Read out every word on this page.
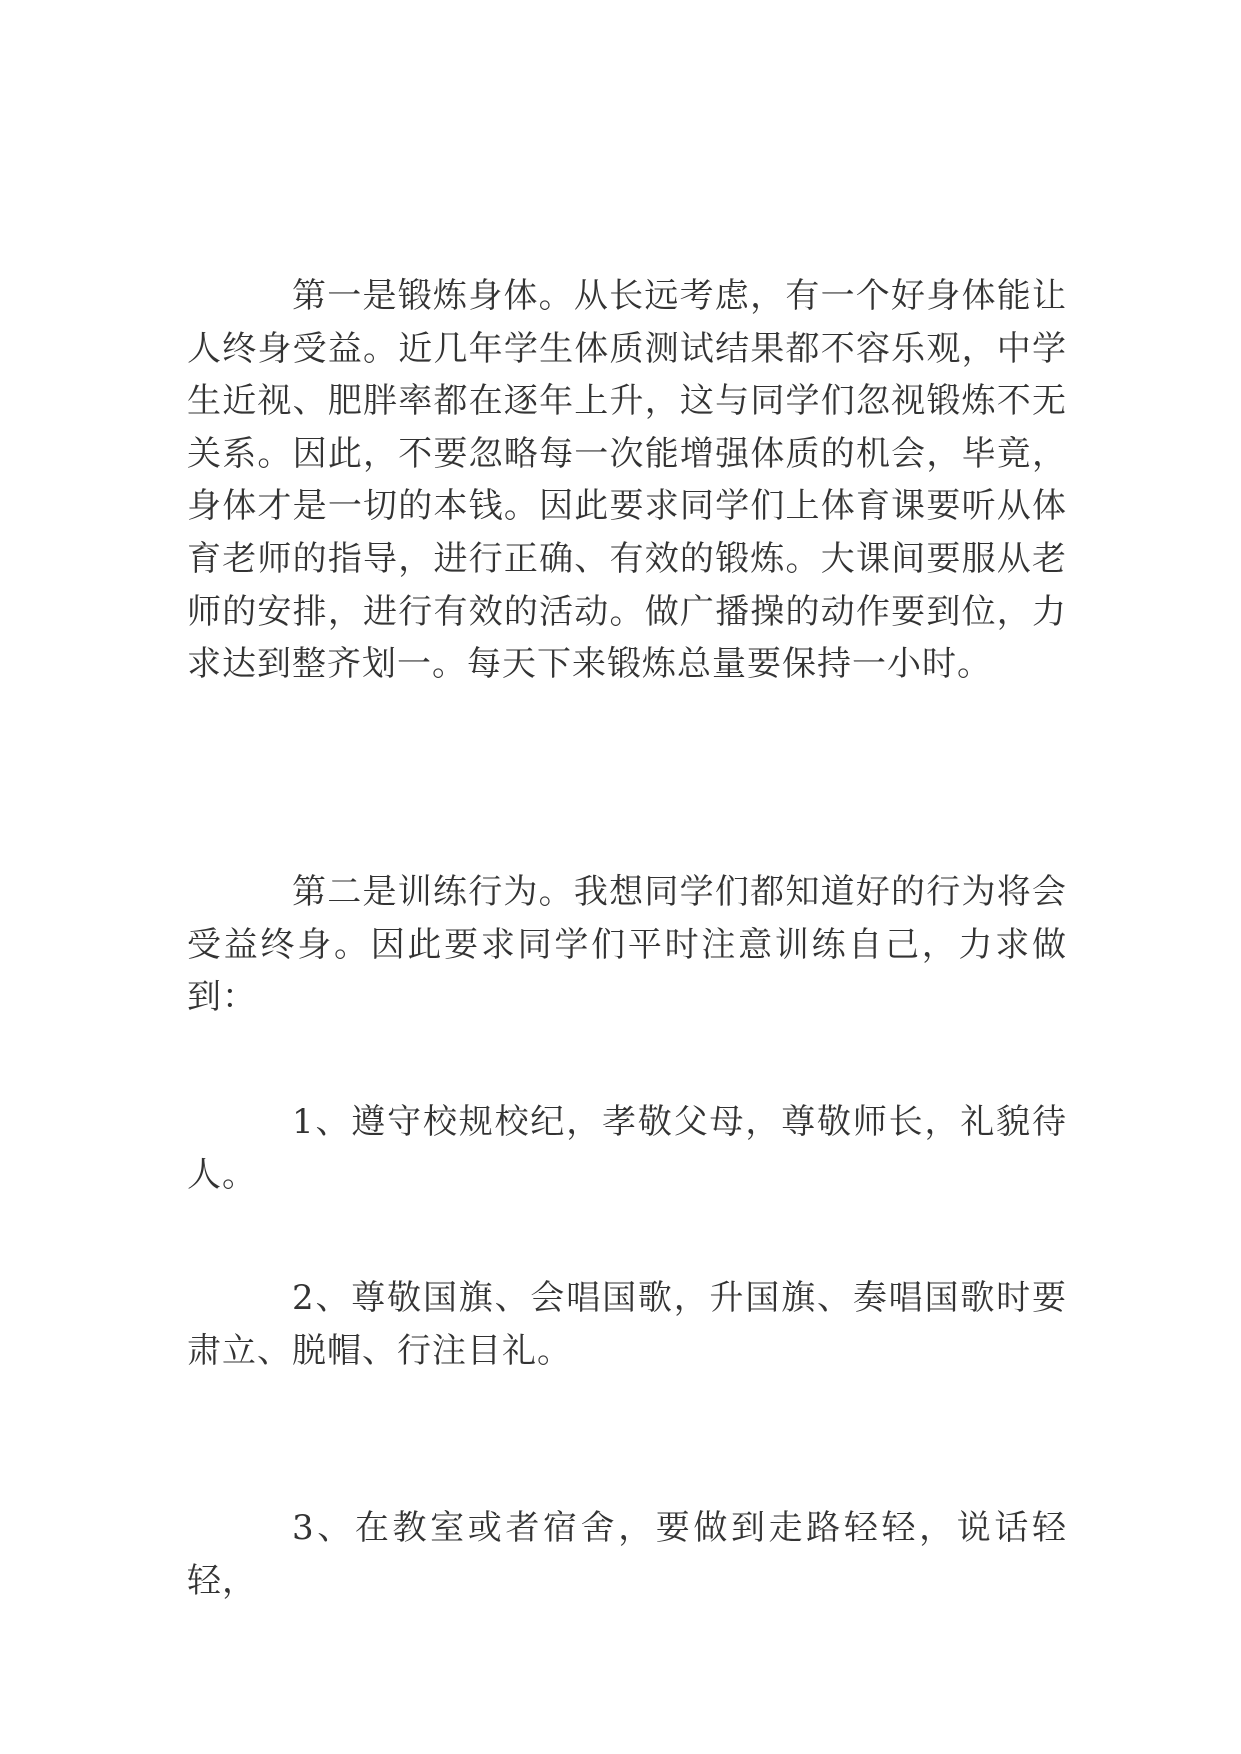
第一是锻炼身体。从长远考虑，有一个好身体能让人终身受益。近几年学生体质测试结果都不容乐观，中学生近视、肥胖率都在逐年上升，这与同学们忽视锻炼不无关系。因此，不要忽略每一次能增强体质的机会，毕竟，身体才是一切的本钱。因此要求同学们上体育课要听从体育老师的指导，进行正确、有效的锻炼。大课间要服从老师的安排，进行有效的活动。做广播操的动作要到位，力求达到整齐划一。每天下来锻炼总量要保持一小时。

第二是训练行为。我想同学们都知道好的行为将会受益终身。因此要求同学们平时注意训练自己，力求做到：

1、遵守校规校纪，孝敬父母，尊敬师长，礼貌待人。

2、尊敬国旗、会唱国歌，升国旗、奏唱国歌时要肃立、脱帽、行注目礼。

3、在教室或者宿舍，要做到走路轻轻，说话轻轻，
